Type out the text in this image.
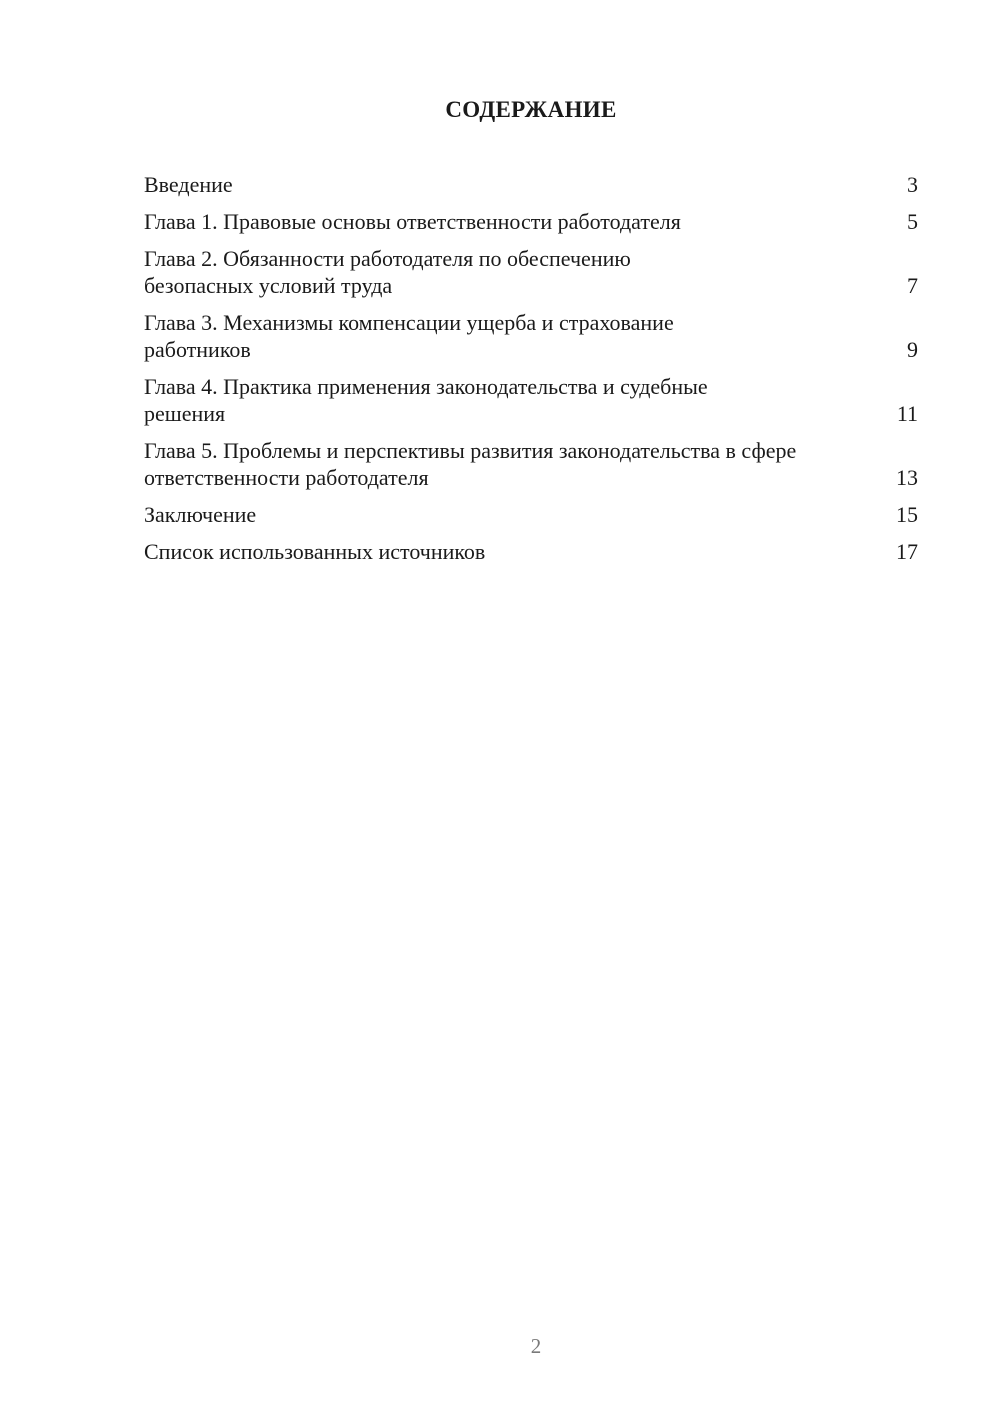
СОДЕРЖАНИЕ
Введение	3
Глава 1. Правовые основы ответственности работодателя	5
Глава 2. Обязанности работодателя по обеспечению безопасных условий труда	7
Глава 3. Механизмы компенсации ущерба и страхование работников	9
Глава 4. Практика применения законодательства и судебные решения	11
Глава 5. Проблемы и перспективы развития законодательства в сфере ответственности работодателя	13
Заключение	15
Список использованных источников	17
2
